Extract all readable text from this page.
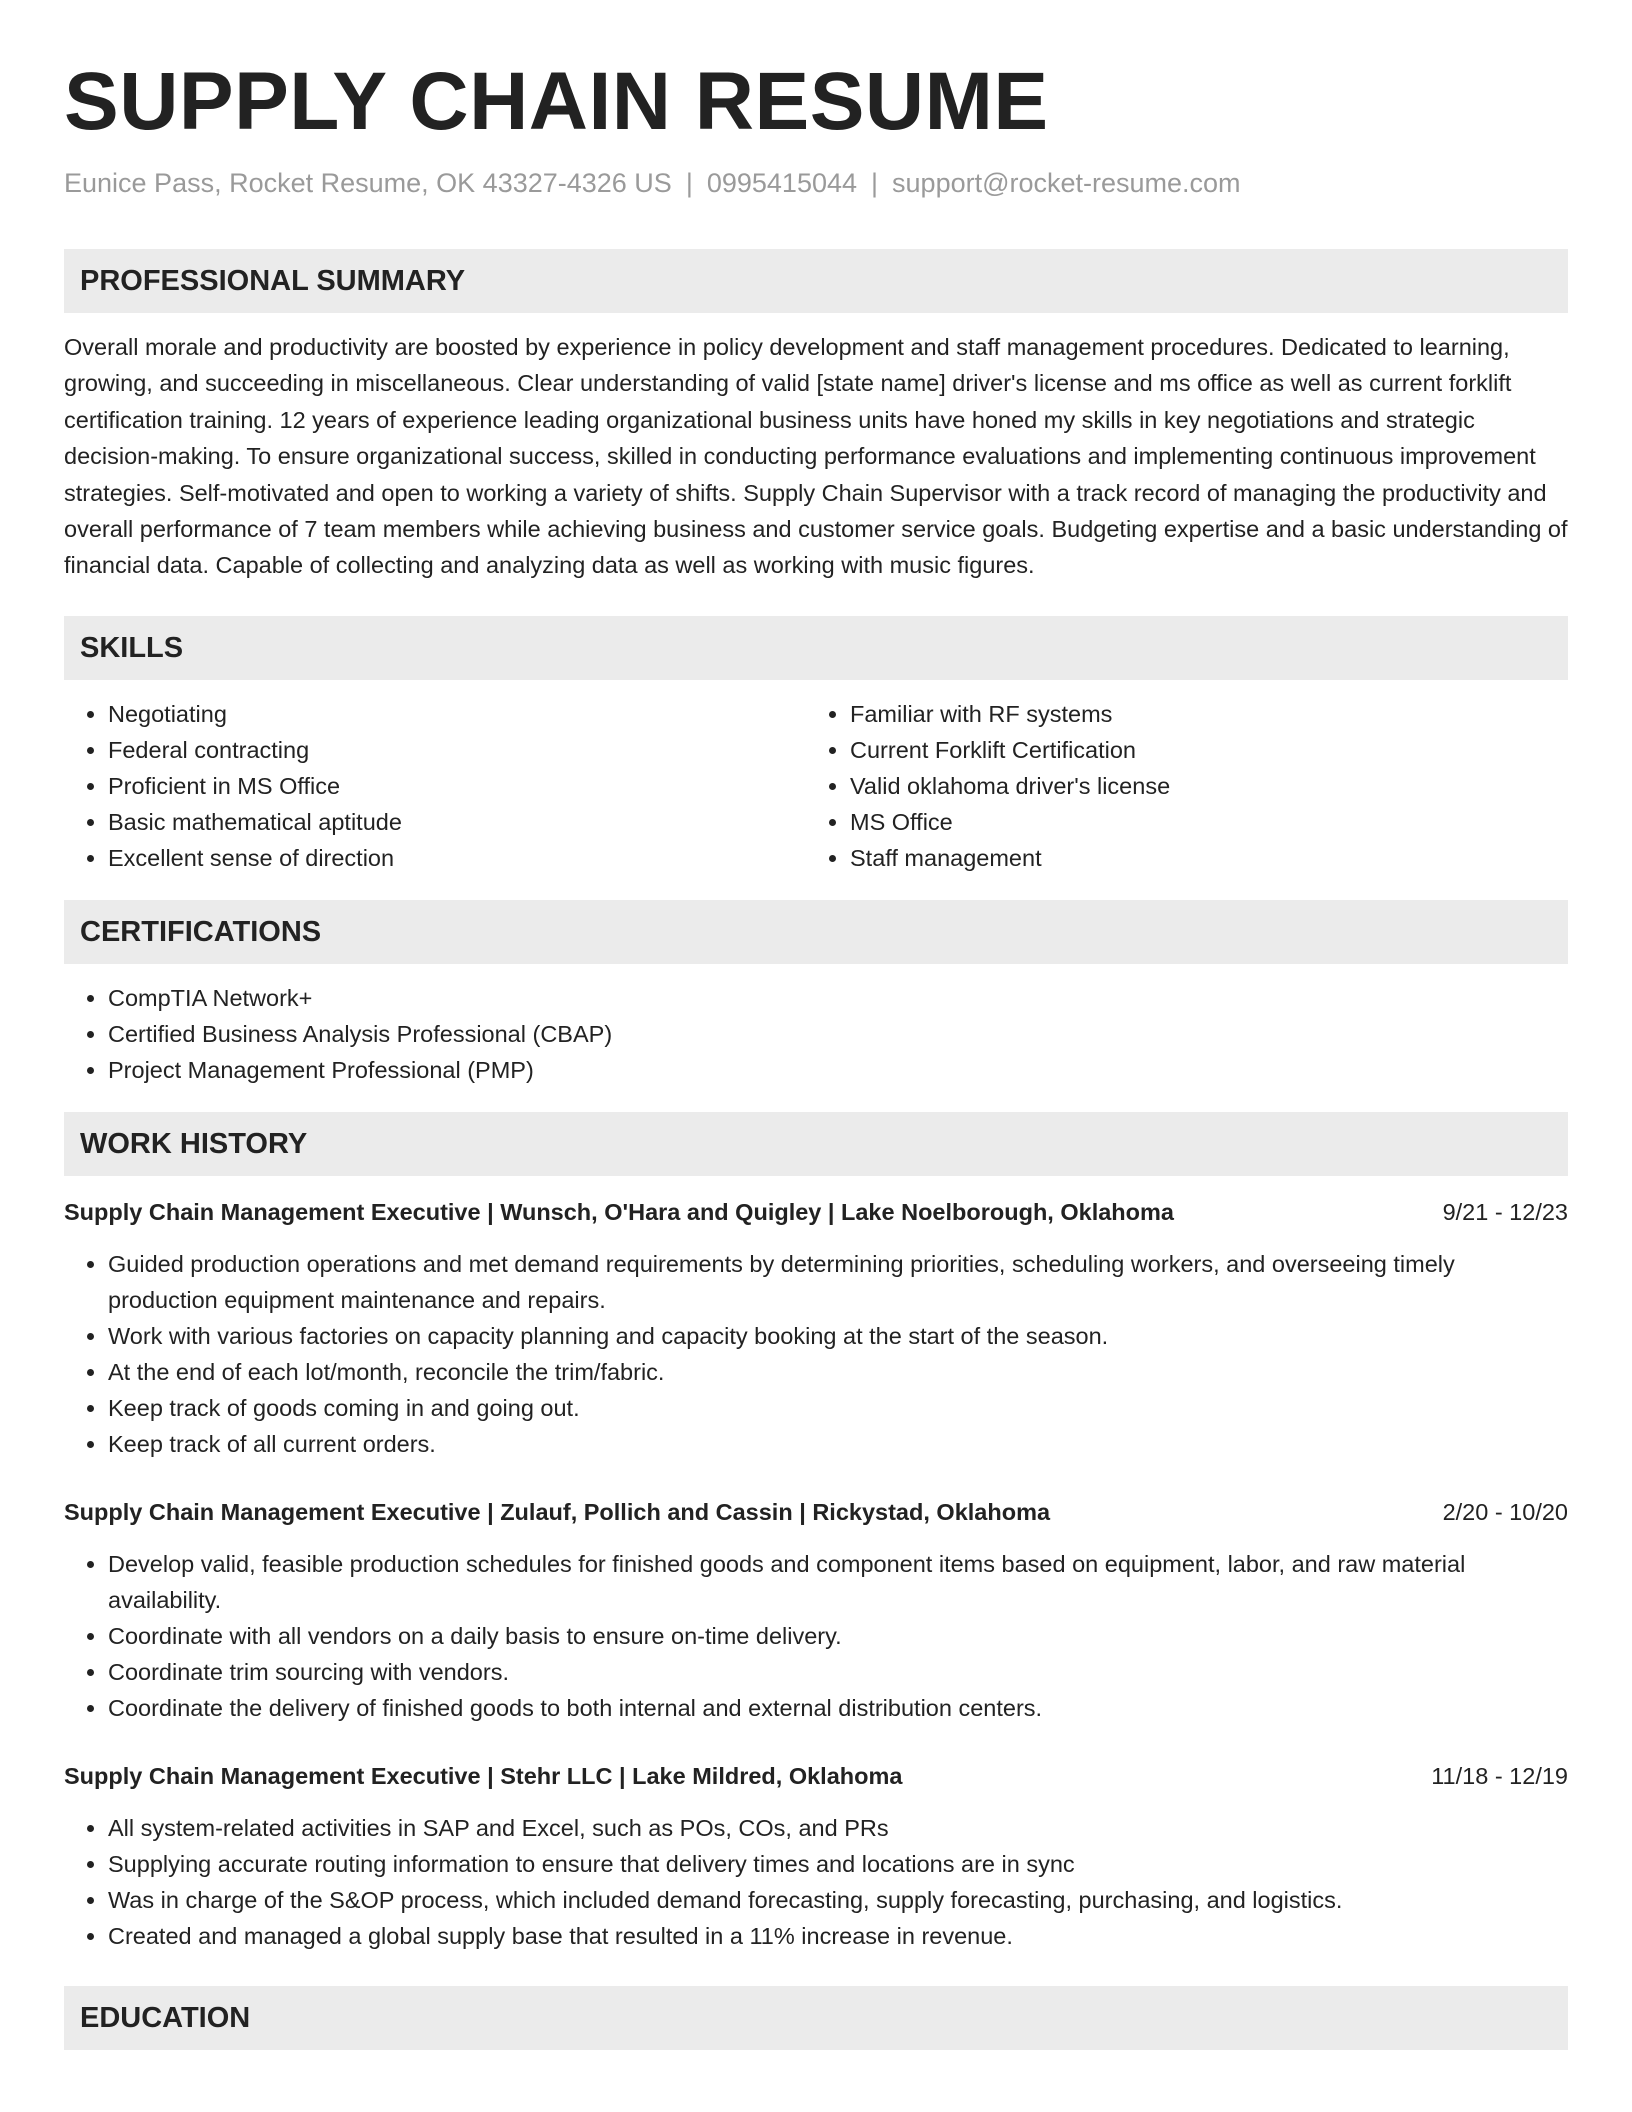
SUPPLY CHAIN RESUME
Eunice Pass, Rocket Resume, OK 43327-4326 US | 0995415044 | support@rocket-resume.com
PROFESSIONAL SUMMARY
Overall morale and productivity are boosted by experience in policy development and staff management procedures. Dedicated to learning, growing, and succeeding in miscellaneous. Clear understanding of valid [state name] driver's license and ms office as well as current forklift certification training. 12 years of experience leading organizational business units have honed my skills in key negotiations and strategic decision-making. To ensure organizational success, skilled in conducting performance evaluations and implementing continuous improvement strategies. Self-motivated and open to working a variety of shifts. Supply Chain Supervisor with a track record of managing the productivity and overall performance of 7 team members while achieving business and customer service goals. Budgeting expertise and a basic understanding of financial data. Capable of collecting and analyzing data as well as working with music figures.
SKILLS
• Negotiating
• Federal contracting
• Proficient in MS Office
• Basic mathematical aptitude
• Excellent sense of direction
• Familiar with RF systems
• Current Forklift Certification
• Valid oklahoma driver's license
• MS Office
• Staff management
CERTIFICATIONS
• CompTIA Network+
• Certified Business Analysis Professional (CBAP)
• Project Management Professional (PMP)
WORK HISTORY
Supply Chain Management Executive | Wunsch, O'Hara and Quigley | Lake Noelborough, Oklahoma	9/21 - 12/23
• Guided production operations and met demand requirements by determining priorities, scheduling workers, and overseeing timely production equipment maintenance and repairs.
• Work with various factories on capacity planning and capacity booking at the start of the season.
• At the end of each lot/month, reconcile the trim/fabric.
• Keep track of goods coming in and going out.
• Keep track of all current orders.
Supply Chain Management Executive | Zulauf, Pollich and Cassin | Rickystad, Oklahoma	2/20 - 10/20
• Develop valid, feasible production schedules for finished goods and component items based on equipment, labor, and raw material availability.
• Coordinate with all vendors on a daily basis to ensure on-time delivery.
• Coordinate trim sourcing with vendors.
• Coordinate the delivery of finished goods to both internal and external distribution centers.
Supply Chain Management Executive | Stehr LLC | Lake Mildred, Oklahoma	11/18 - 12/19
• All system-related activities in SAP and Excel, such as POs, COs, and PRs
• Supplying accurate routing information to ensure that delivery times and locations are in sync
• Was in charge of the S&OP process, which included demand forecasting, supply forecasting, purchasing, and logistics.
• Created and managed a global supply base that resulted in a 11% increase in revenue.
EDUCATION
